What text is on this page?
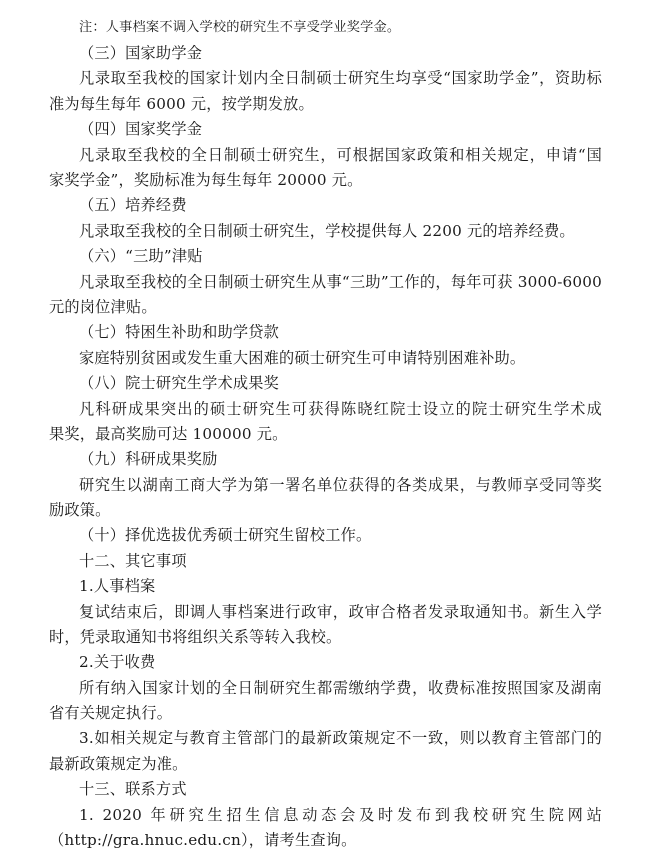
注：人事档案不调入学校的研究生不享受学业奖学金。
（三）国家助学金
凡录取至我校的国家计划内全日制硕士研究生均享受“国家助学金”，资助标
准为每生每年 6000 元，按学期发放。
（四）国家奖学金
凡录取至我校的全日制硕士研究生，可根据国家政策和相关规定，申请“国
家奖学金”，奖励标准为每生每年 20000 元。
（五）培养经费
凡录取至我校的全日制硕士研究生，学校提供每人 2200 元的培养经费。
（六）“三助”津贴
凡录取至我校的全日制硕士研究生从事“三助”工作的，每年可获 3000-6000
元的岗位津贴。
（七）特困生补助和助学贷款
家庭特别贫困或发生重大困难的硕士研究生可申请特别困难补助。
（八）院士研究生学术成果奖
凡科研成果突出的硕士研究生可获得陈晓红院士设立的院士研究生学术成
果奖，最高奖励可达 100000 元。
（九）科研成果奖励
研究生以湖南工商大学为第一署名单位获得的各类成果，与教师享受同等奖
励政策。
（十）择优选拔优秀硕士研究生留校工作。
十二、其它事项
1.人事档案
复试结束后，即调人事档案进行政审，政审合格者发录取通知书。新生入学
时，凭录取通知书将组织关系等转入我校。
2.关于收费
所有纳入国家计划的全日制研究生都需缴纳学费，收费标准按照国家及湖南
省有关规定执行。
3.如相关规定与教育主管部门的最新政策规定不一致，则以教育主管部门的
最新政策规定为准。
十三、联系方式
1. 2020 年研究生招生信息动态会及时发布到我校研究生院网站
（http://gra.hnuc.edu.cn），请考生查询。
